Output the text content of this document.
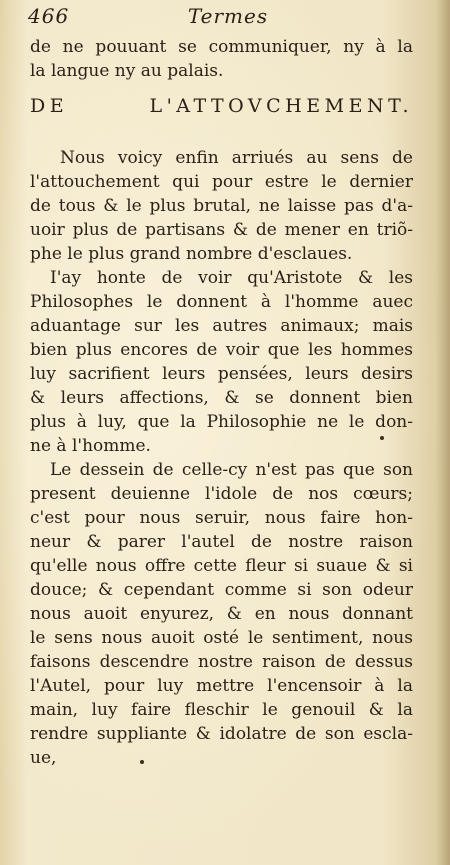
466	Termes
de ne pouuant se communiquer, ny à la
la langue ny au palais.
DE L'ATTOVCHEMENT.
Nous voicy enfin arriués au sens de
l'attouchement qui pour estre le dernier
de tous & le plus brutal, ne laisse pas d'a-
uoir plus de partisans & de mener en triõ-
phe le plus grand nombre d'esclaues.
I'ay honte de voir qu'Aristote & les
Philosophes le donnent à l'homme auec
aduantage sur les autres animaux; mais
bien plus encores de voir que les hommes
luy sacrifient leurs pensées, leurs desirs
& leurs affections, & se donnent bien
plus à luy, que la Philosophie ne le don-
ne à l'homme.
Le dessein de celle-cy n'est pas que son
present deuienne l'idole de nos cœurs;
c'est pour nous seruir, nous faire hon-
neur & parer l'autel de nostre raison
qu'elle nous offre cette fleur si suaue & si
douce; & cependant comme si son odeur
nous auoit enyurez, & en nous donnant
le sens nous auoit osté le sentiment, nous
faisons descendre nostre raison de dessus
l'Autel, pour luy mettre l'encensoir à la
main, luy faire fleschir le genouil & la
rendre suppliante & idolatre de son escla-
ue,
